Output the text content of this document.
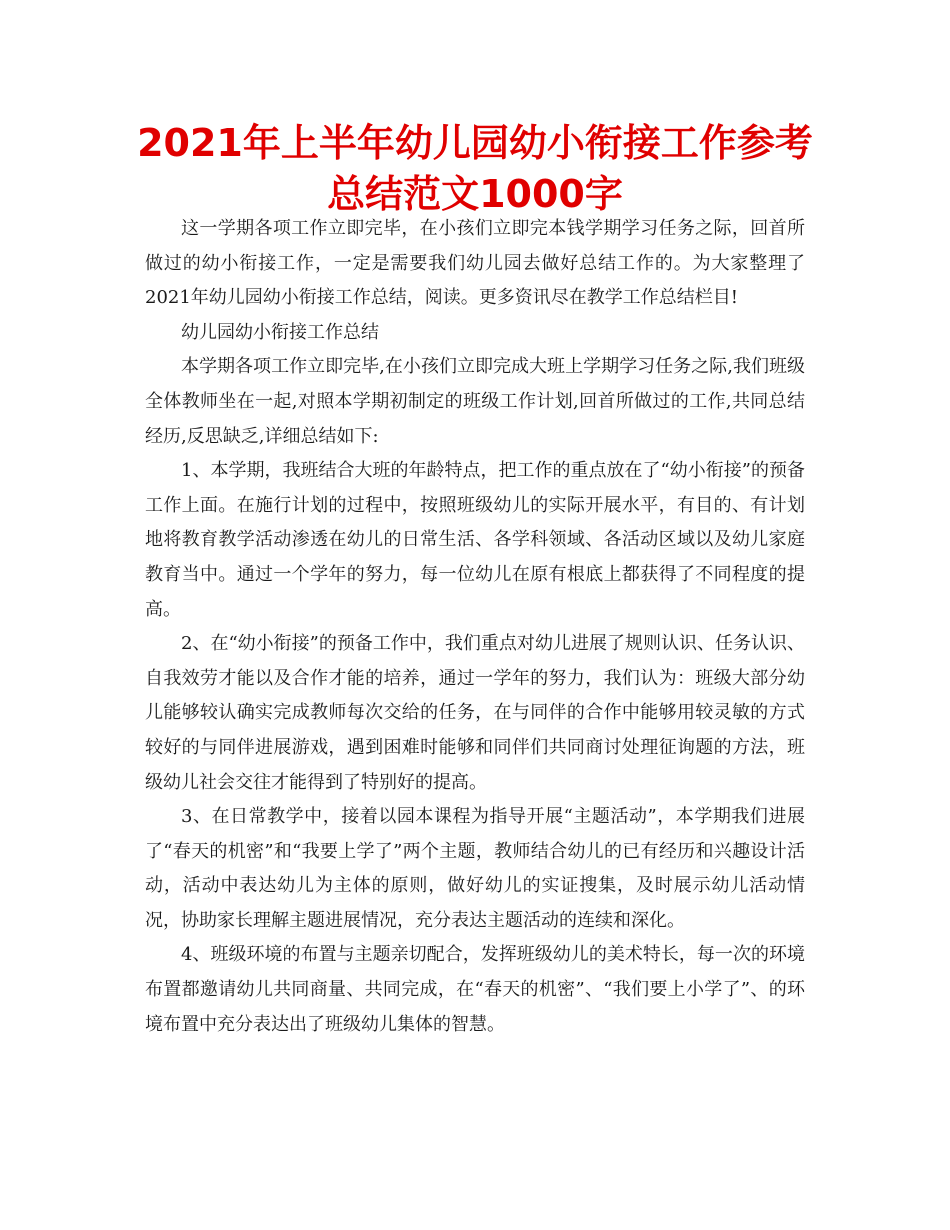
2021年上半年幼儿园幼小衔接工作参考总结范文1000字

这一学期各项工作立即完毕，在小孩们立即完本钱学期学习任务之际，回首所做过的幼小衔接工作，一定是需要我们幼儿园去做好总结工作的。为大家整理了2021年幼儿园幼小衔接工作总结，阅读。更多资讯尽在教学工作总结栏目!

幼儿园幼小衔接工作总结

本学期各项工作立即完毕,在小孩们立即完成大班上学期学习任务之际,我们班级全体教师坐在一起,对照本学期初制定的班级工作计划,回首所做过的工作,共同总结经历,反思缺乏,详细总结如下:

1、本学期，我班结合大班的年龄特点，把工作的重点放在了“幼小衔接”的预备工作上面。在施行计划的过程中，按照班级幼儿的实际开展水平，有目的、有计划地将教育教学活动渗透在幼儿的日常生活、各学科领域、各活动区域以及幼儿家庭教育当中。通过一个学年的努力，每一位幼儿在原有根底上都获得了不同程度的提高。

2、在“幼小衔接”的预备工作中，我们重点对幼儿进展了规则认识、任务认识、自我效劳才能以及合作才能的培养，通过一学年的努力，我们认为：班级大部分幼儿能够较认确实完成教师每次交给的任务，在与同伴的合作中能够用较灵敏的方式较好的与同伴进展游戏，遇到困难时能够和同伴们共同商讨处理征询题的方法，班级幼儿社会交往才能得到了特别好的提高。

3、在日常教学中，接着以园本课程为指导开展“主题活动”，本学期我们进展了“春天的机密”和“我要上学了”两个主题，教师结合幼儿的已有经历和兴趣设计活动，活动中表达幼儿为主体的原则，做好幼儿的实证搜集，及时展示幼儿活动情况，协助家长理解主题进展情况，充分表达主题活动的连续和深化。

4、班级环境的布置与主题亲切配合，发挥班级幼儿的美术特长，每一次的环境布置都邀请幼儿共同商量、共同完成，在“春天的机密”、“我们要上小学了”、的环境布置中充分表达出了班级幼儿集体的智慧。
